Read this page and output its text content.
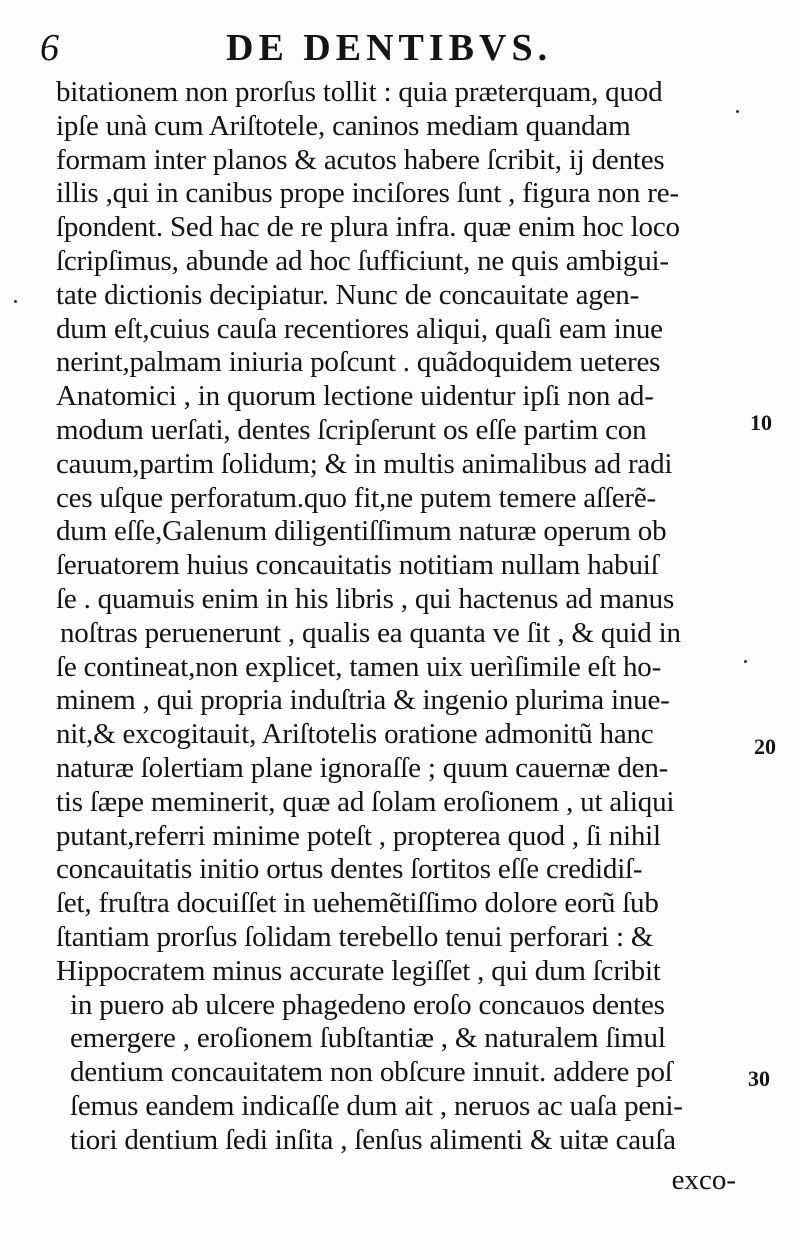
6	DE DENTIBVS.
bitationem non prorſus tollit : quia præterquam, quod
ipſe unà cum Ariſtotele, caninos mediam quandam
formam inter planos & acutos habere ſcribit, ij dentes
illis ,qui in canibus prope inciſores ſunt , figura non re-
ſpondent. Sed hac de re plura infra. quæ enim hoc loco
ſcripſimus, abunde ad hoc ſufficiunt, ne quis ambigui-
tate dictionis decipiatur. Nunc de concauitate agen-
dum eſt,cuius cauſa recentiores aliqui, quaſi eam inue
nerint,palmam iniuria poſcunt . quãdoquidem ueteres
Anatomici , in quorum lectione uidentur ipſi non ad-
modum uerſati, dentes ſcripſerunt os eſſe partim con
cauum,partim ſolidum; & in multis animalibus ad radi
ces uſque perforatum.quo fit,ne putem temere aſſerẽ-
dum eſſe,Galenum diligentiſſimum naturæ operum ob
ſeruatorem huius concauitatis notitiam nullam habuiſ
ſe . quamuis enim in his libris , qui hactenus ad manus
noſtras peruenerunt , qualis ea quanta ve ſit , & quid in
ſe contineat,non explicet, tamen uix uerìſimile eſt ho-
minem , qui propria induſtria & ingenio plurima inue-
nit,& excogitauit, Ariſtotelis oratione admonitũ hanc
naturæ ſolertiam plane ignoraſſe ; quum cauernæ den-
tis ſæpe meminerit, quæ ad ſolam eroſionem , ut aliqui
putant,referri minime poteſt , propterea quod , ſi nihil
concauitatis initio ortus dentes ſortitos eſſe credidiſ-
ſet, fruſtra docuiſſet in uehemẽtiſſimo dolore eorũ ſub
ſtantiam prorſus ſolidam terebello tenui perforari : &
Hippocratem minus accurate legiſſet , qui dum ſcribit
in puero ab ulcere phagedeno eroſo concauos dentes
emergere , eroſionem ſubſtantiæ , & naturalem ſimul
dentium concauitatem non obſcure innuit. addere poſ
ſemus eandem indicaſſe dum ait , neruos ac uaſa peni-
tiori dentium ſedi inſita , ſenſus alimenti & uitæ cauſa
10
20
30
exco-
